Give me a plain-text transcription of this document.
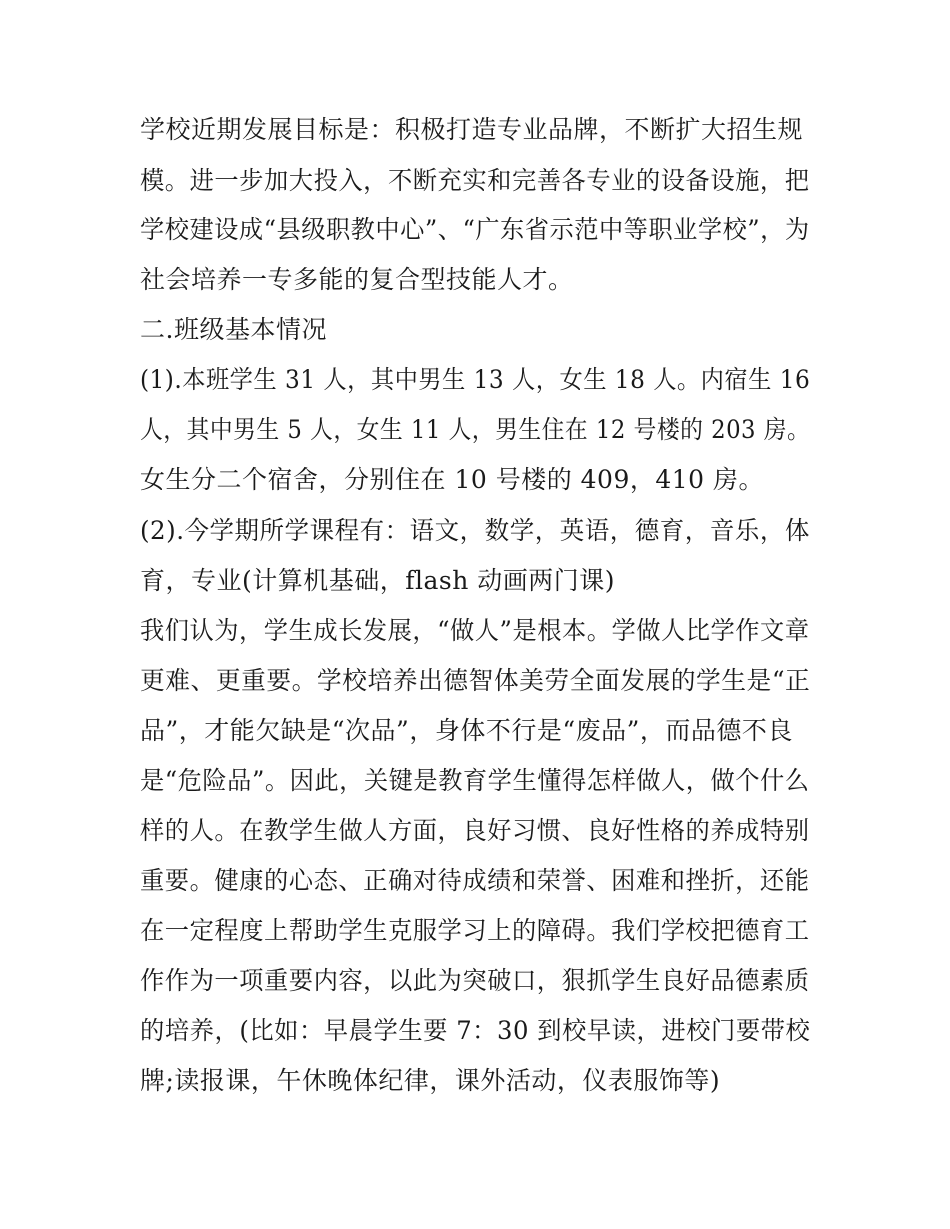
学校近期发展目标是：积极打造专业品牌，不断扩大招生规

模。进一步加大投入，不断充实和完善各专业的设备设施，把

学校建设成“县级职教中心”、“广东省示范中等职业学校”，为

社会培养一专多能的复合型技能人才。

二.班级基本情况

(1).本班学生 31 人，其中男生 13 人，女生 18 人。内宿生 16

人，其中男生 5 人，女生 11 人，男生住在 12 号楼的 203 房。

女生分二个宿舍，分别住在 10 号楼的 409，410 房。

(2).今学期所学课程有：语文，数学，英语，德育，音乐，体

育，专业(计算机基础，flash 动画两门课)

我们认为，学生成长发展，“做人”是根本。学做人比学作文章

更难、更重要。学校培养出德智体美劳全面发展的学生是“正

品”，才能欠缺是“次品”，身体不行是“废品”，而品德不良

是“危险品”。因此，关键是教育学生懂得怎样做人，做个什么

样的人。在教学生做人方面，良好习惯、良好性格的养成特别

重要。健康的心态、正确对待成绩和荣誉、困难和挫折，还能

在一定程度上帮助学生克服学习上的障碍。我们学校把德育工

作作为一项重要内容，以此为突破口，狠抓学生良好品德素质

的培养，(比如：早晨学生要 7：30 到校早读，进校门要带校

牌;读报课，午休晚体纪律，课外活动，仪表服饰等)
